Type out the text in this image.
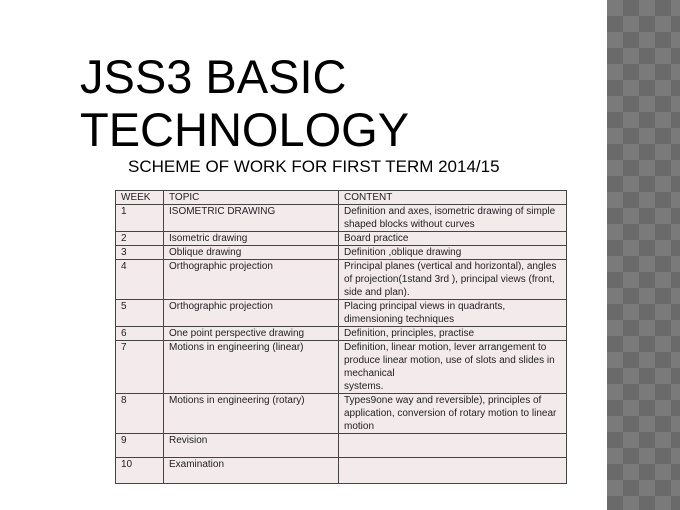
JSS3 BASIC
TECHNOLOGY

SCHEME OF WORK FOR FIRST TERM 2014/15

WEEK	TOPIC	CONTENT
1	ISOMETRIC DRAWING	Definition and axes, isometric drawing of simple shaped blocks without curves
2	Isometric drawing	Board practice
3	Oblique drawing	Definition ,oblique drawing
4	Orthographic projection	Principal planes (vertical and horizontal), angles of projection(1stand 3rd ), principal views (front, side and plan).
5	Orthographic projection	Placing principal views in quadrants, dimensioning techniques
6	One point perspective drawing	Definition, principles, practise
7	Motions in engineering (linear)	Definition, linear motion, lever arrangement to produce linear motion, use of slots and slides in mechanical
systems.
8	Motions in engineering (rotary)	Types9one way and reversible), principles of application, conversion of rotary motion to linear motion
9	Revision	
10	Examination	
